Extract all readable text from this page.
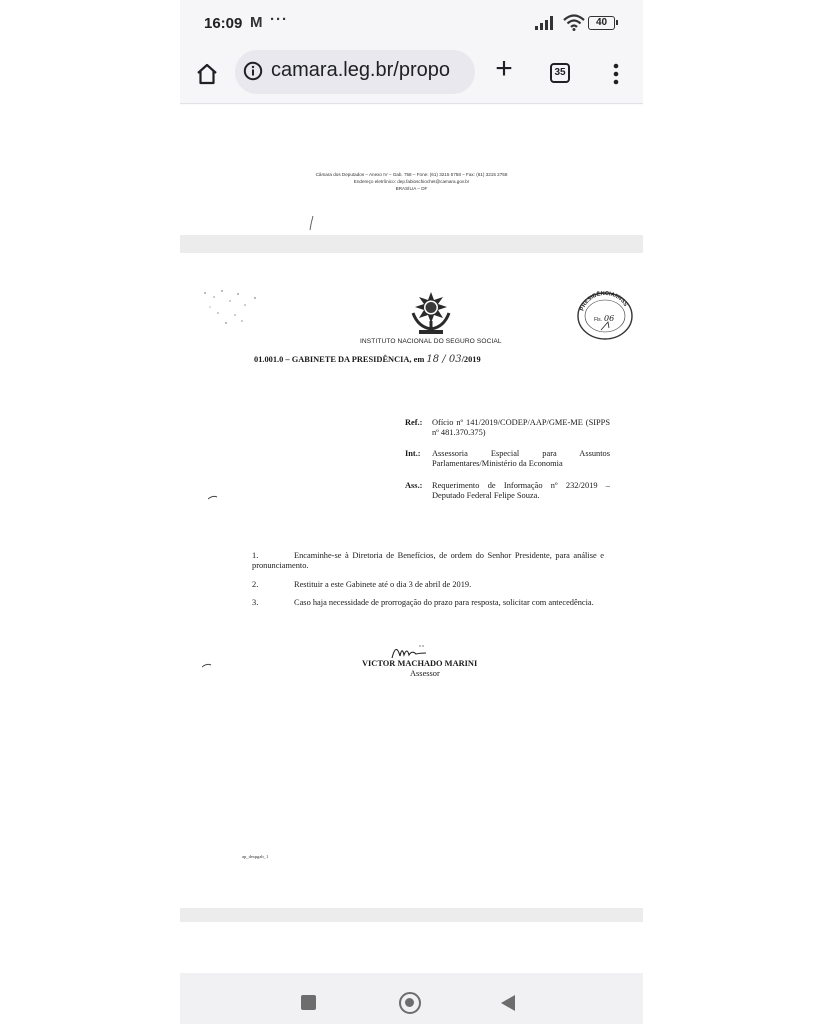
16:09 M ···	40
camara.leg.br/propo +	35
Câmara dos Deputados – Anexo IV – Gab. 758 – Fone: (61) 3215 5758 – Fax: (61) 3215 2758
Endereço eletrônico: dep.fabioschiochet@camara.gov.br
BRASÍLIA – DF
INSTITUTO NACIONAL DO SEGURO SOCIAL
PRESIDÊNCIA/INSS
Fls. 06
01.001.0 – GABINETE DA PRESIDÊNCIA, em 18 / 03/2019
Ref.: Ofício nº 141/2019/CODEP/AAP/GME-ME (SIPPS nº 481.370.375)
Int.: Assessoria Especial para Assuntos Parlamentares/Ministério da Economia
Ass.: Requerimento de Informação nº 232/2019 – Deputado Federal Felipe Souza.
1.	Encaminhe-se à Diretoria de Benefícios, de ordem do Senhor Presidente, para análise e pronunciamento.
2.	Restituir a este Gabinete até o dia 3 de abril de 2019.
3.	Caso haja necessidade de prorrogação do prazo para resposta, solicitar com antecedência.
VICTOR MACHADO MARINI
Assessor
ap_despgab_1
